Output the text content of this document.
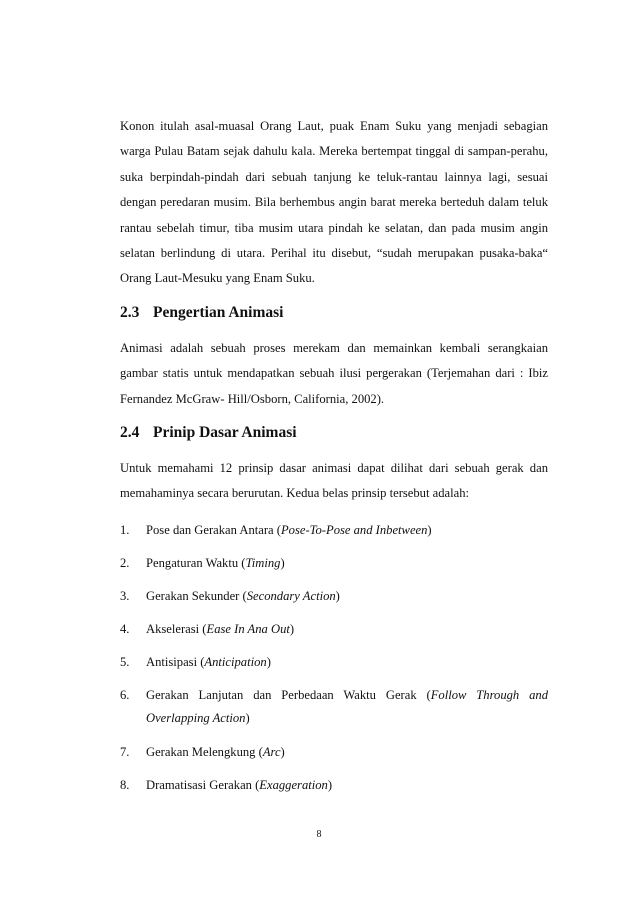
Konon itulah asal-muasal Orang Laut, puak Enam Suku yang menjadi sebagian warga Pulau Batam sejak dahulu kala. Mereka bertempat tinggal di sampan-perahu, suka berpindah-pindah dari sebuah tanjung ke teluk-rantau lainnya lagi, sesuai dengan peredaran musim. Bila berhembus angin barat mereka berteduh dalam teluk rantau sebelah timur, tiba musim utara pindah ke selatan, dan pada musim angin selatan berlindung di utara. Perihal itu disebut, “sudah merupakan pusaka-baka“ Orang Laut-Mesuku yang Enam Suku.

2.3 Pengertian Animasi

Animasi adalah sebuah proses merekam dan memainkan kembali serangkaian gambar statis untuk mendapatkan sebuah ilusi pergerakan (Terjemahan dari : Ibiz Fernandez McGraw- Hill/Osborn, California, 2002).

2.4 Prinip Dasar Animasi

Untuk memahami 12 prinsip dasar animasi dapat dilihat dari sebuah gerak dan memahaminya secara berurutan. Kedua belas prinsip tersebut adalah:

1.	Pose dan Gerakan Antara (Pose-To-Pose and Inbetween)
2.	Pengaturan Waktu (Timing)
3.	Gerakan Sekunder (Secondary Action)
4.	Akselerasi (Ease In Ana Out)
5.	Antisipasi (Anticipation)
6.	Gerakan Lanjutan dan Perbedaan Waktu Gerak (Follow Through and Overlapping Action)
7.	Gerakan Melengkung (Arc)
8.	Dramatisasi Gerakan (Exaggeration)
8
